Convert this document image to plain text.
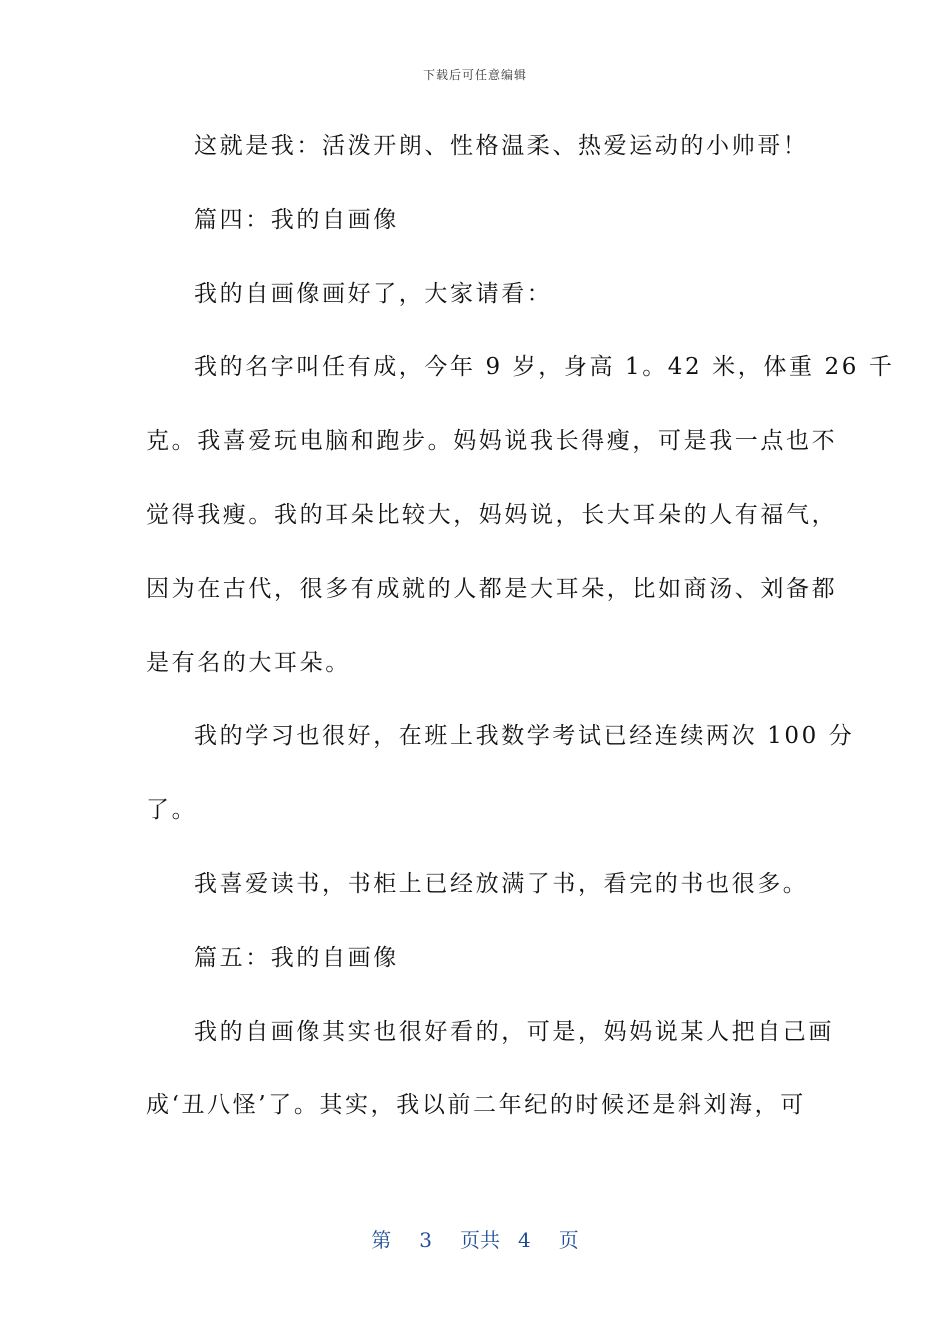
下载后可任意编辑
这就是我：活泼开朗、性格温柔、热爱运动的小帅哥！
篇四：我的自画像
我的自画像画好了，大家请看：
我的名字叫任有成，今年 9 岁，身高 1。42 米，体重 26 千
克。我喜爱玩电脑和跑步。妈妈说我长得瘦，可是我一点也不
觉得我瘦。我的耳朵比较大，妈妈说，长大耳朵的人有福气，
因为在古代，很多有成就的人都是大耳朵，比如商汤、刘备都
是有名的大耳朵。
我的学习也很好，在班上我数学考试已经连续两次 100 分
了。
我喜爱读书，书柜上已经放满了书，看完的书也很多。
篇五：我的自画像
我的自画像其实也很好看的，可是，妈妈说某人把自己画
成‘丑八怪’了。其实，我以前二年纪的时候还是斜刘海，可
第 3 页共 4 页
